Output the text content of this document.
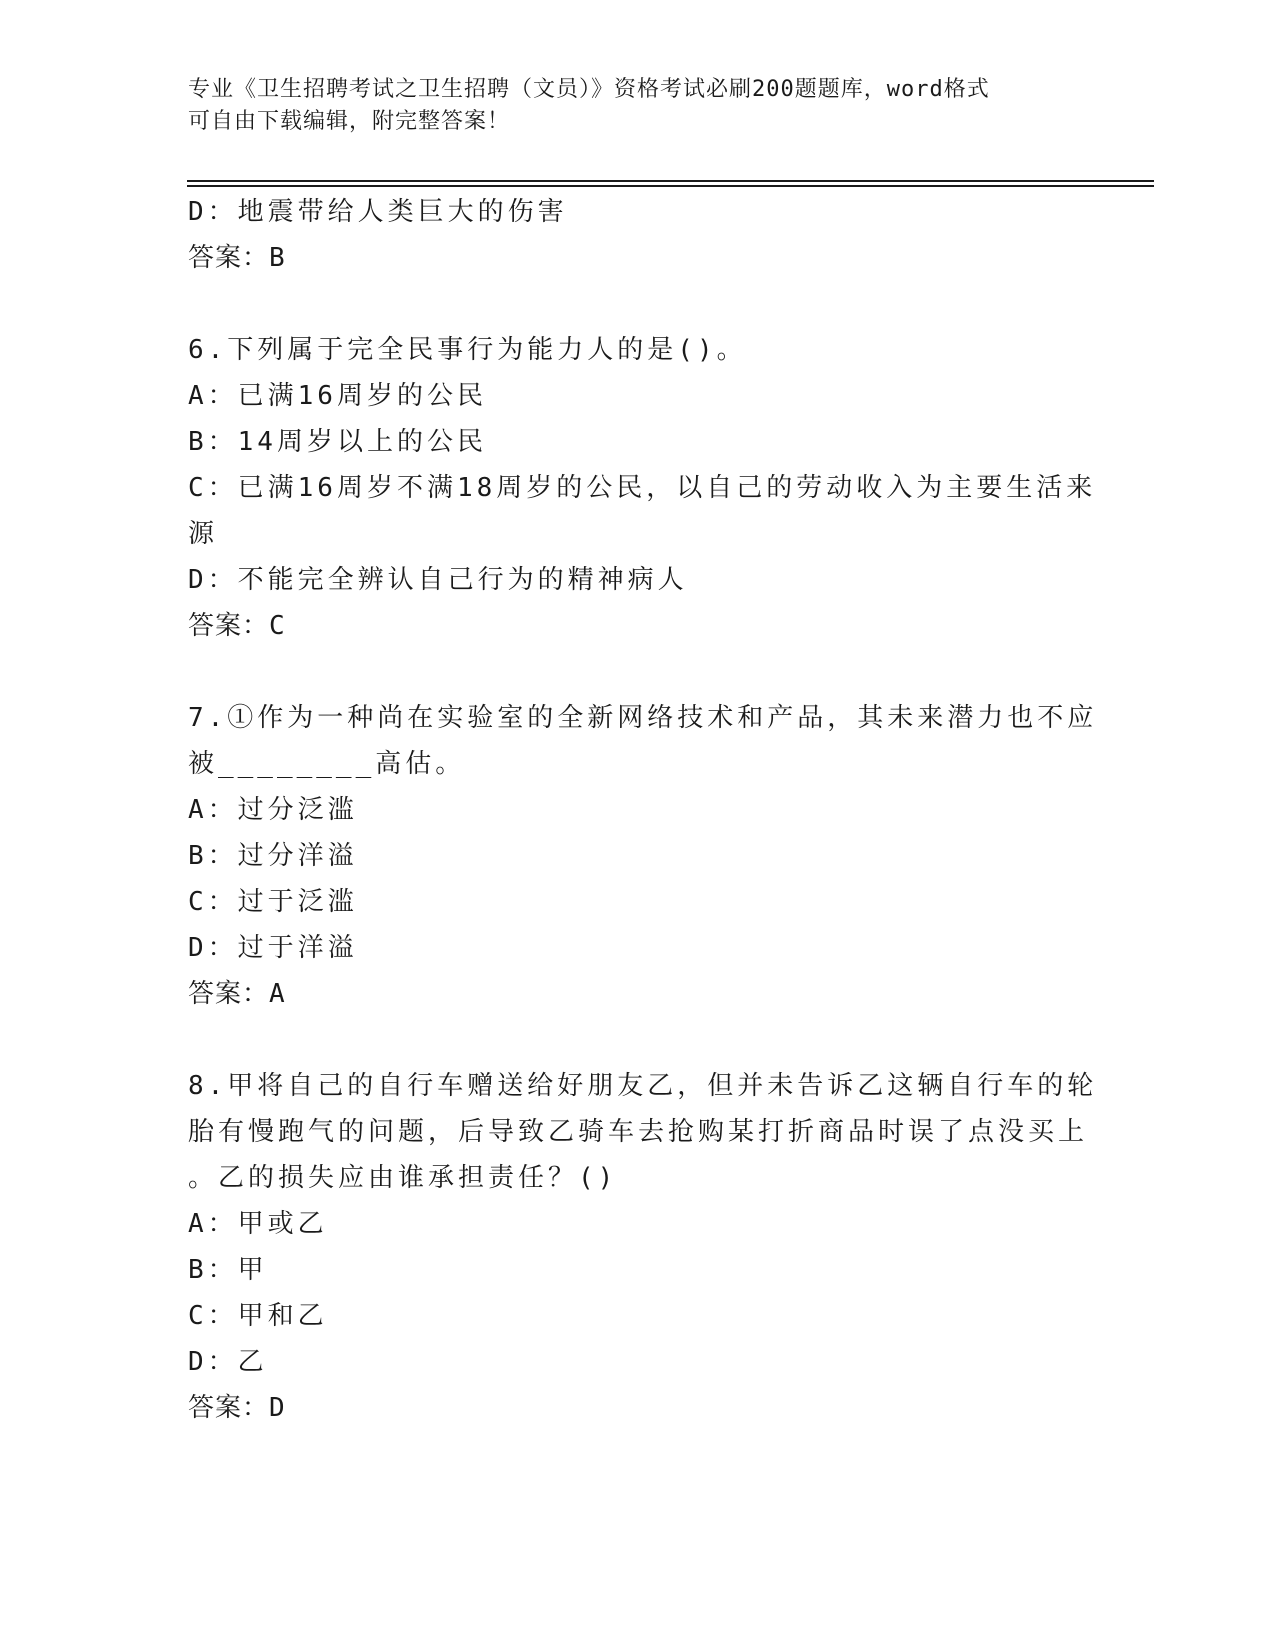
专业《卫生招聘考试之卫生招聘（文员）》资格考试必刷200题题库，word格式
可自由下载编辑，附完整答案！
D：地震带给人类巨大的伤害
答案：B
6.下列属于完全民事行为能力人的是()。
A：已满16周岁的公民
B：14周岁以上的公民
C：已满16周岁不满18周岁的公民，以自己的劳动收入为主要生活来
源
D：不能完全辨认自己行为的精神病人
答案：C
7.①作为一种尚在实验室的全新网络技术和产品，其未来潜力也不应
被________高估。
A：过分泛滥
B：过分洋溢
C：过于泛滥
D：过于洋溢
答案：A
8.甲将自己的自行车赠送给好朋友乙，但并未告诉乙这辆自行车的轮
胎有慢跑气的问题，后导致乙骑车去抢购某打折商品时误了点没买上
。乙的损失应由谁承担责任？()
A：甲或乙
B：甲
C：甲和乙
D：乙
答案：D
